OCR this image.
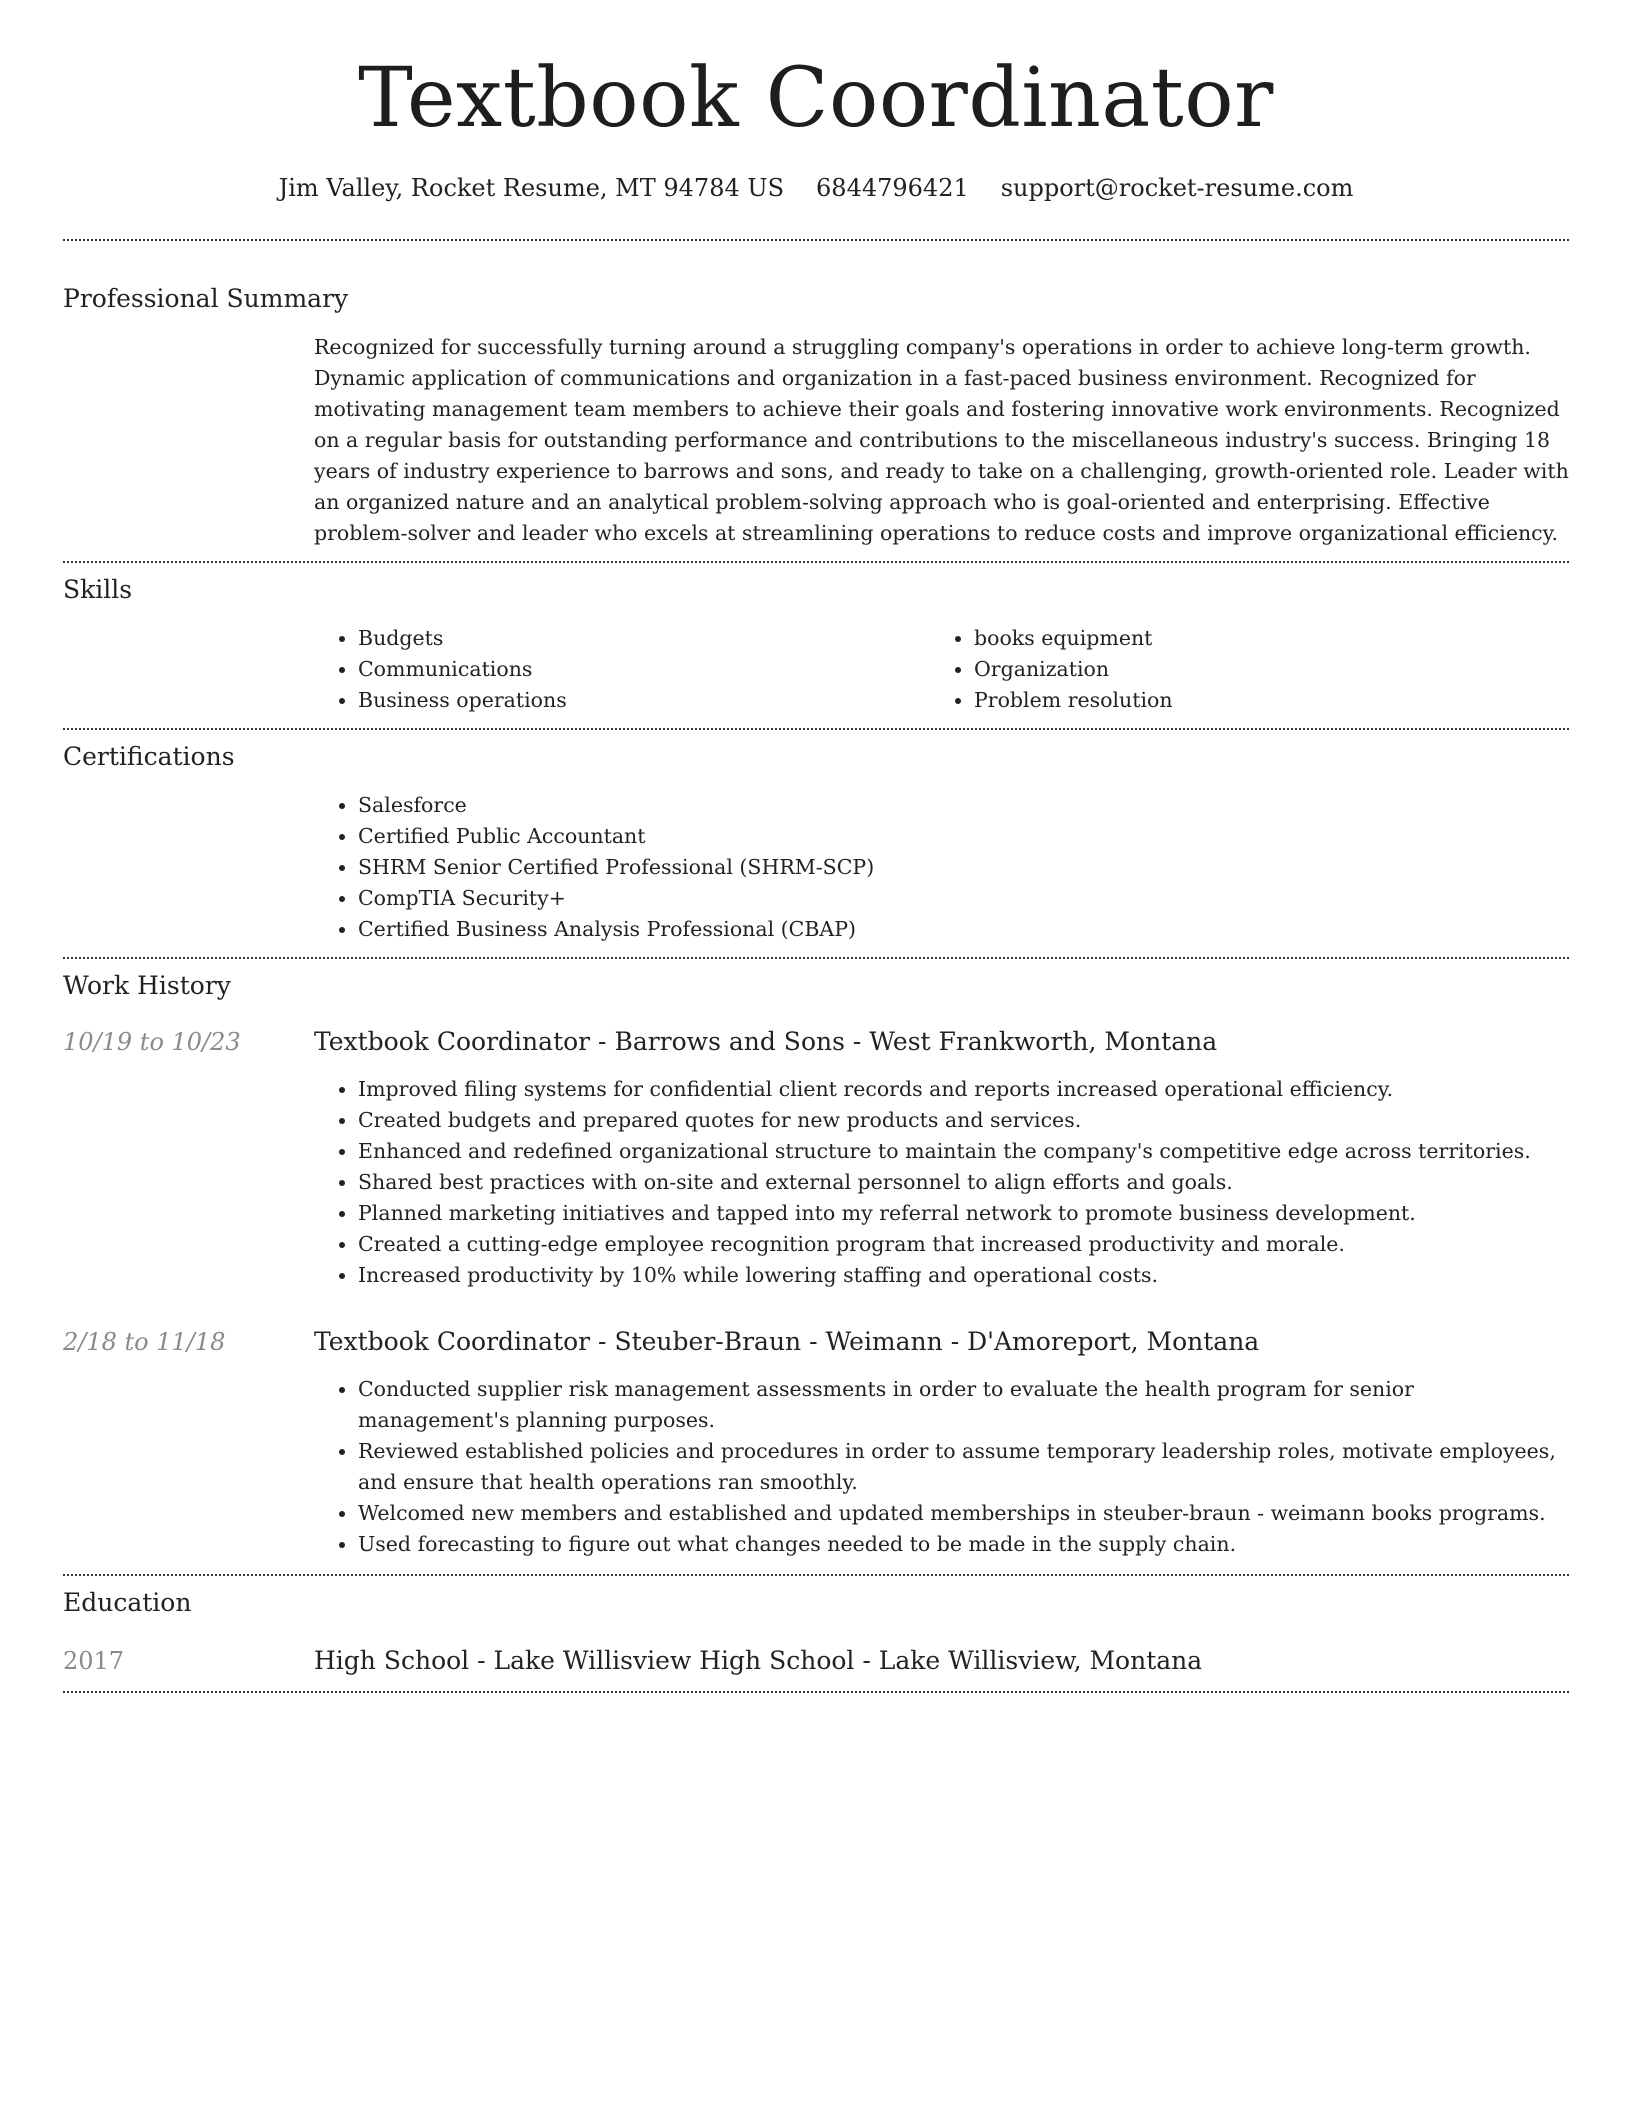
Textbook Coordinator
Jim Valley, Rocket Resume, MT 94784 US 6844796421 support@rocket-resume.com
Professional Summary
Recognized for successfully turning around a struggling company's operations in order to achieve long-term growth. Dynamic application of communications and organization in a fast-paced business environment. Recognized for motivating management team members to achieve their goals and fostering innovative work environments. Recognized on a regular basis for outstanding performance and contributions to the miscellaneous industry's success. Bringing 18 years of industry experience to barrows and sons, and ready to take on a challenging, growth-oriented role. Leader with an organized nature and an analytical problem-solving approach who is goal-oriented and enterprising. Effective problem-solver and leader who excels at streamlining operations to reduce costs and improve organizational efficiency.
Skills
• Budgets
• Communications
• Business operations
• books equipment
• Organization
• Problem resolution
Certifications
• Salesforce
• Certified Public Accountant
• SHRM Senior Certified Professional (SHRM-SCP)
• CompTIA Security+
• Certified Business Analysis Professional (CBAP)
Work History
10/19 to 10/23	Textbook Coordinator - Barrows and Sons - West Frankworth, Montana
• Improved filing systems for confidential client records and reports increased operational efficiency.
• Created budgets and prepared quotes for new products and services.
• Enhanced and redefined organizational structure to maintain the company's competitive edge across territories.
• Shared best practices with on-site and external personnel to align efforts and goals.
• Planned marketing initiatives and tapped into my referral network to promote business development.
• Created a cutting-edge employee recognition program that increased productivity and morale.
• Increased productivity by 10% while lowering staffing and operational costs.
2/18 to 11/18	Textbook Coordinator - Steuber-Braun - Weimann - D'Amoreport, Montana
• Conducted supplier risk management assessments in order to evaluate the health program for senior management's planning purposes.
• Reviewed established policies and procedures in order to assume temporary leadership roles, motivate employees, and ensure that health operations ran smoothly.
• Welcomed new members and established and updated memberships in steuber-braun - weimann books programs.
• Used forecasting to figure out what changes needed to be made in the supply chain.
Education
2017	High School - Lake Willisview High School - Lake Willisview, Montana
